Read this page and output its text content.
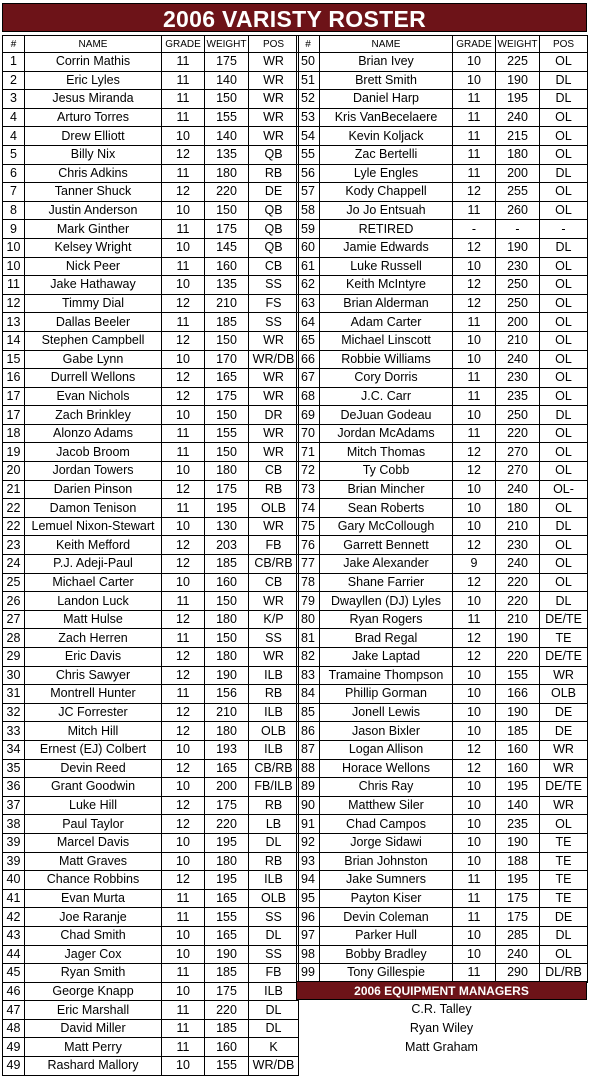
2006 VARISTY ROSTER
#	NAME	GRADE	WEIGHT	POS
1	Corrin Mathis	11	175	WR
2	Eric Lyles	11	140	WR
3	Jesus Miranda	11	150	WR
4	Arturo Torres	11	155	WR
4	Drew Elliott	10	140	WR
5	Billy Nix	12	135	QB
6	Chris Adkins	11	180	RB
7	Tanner Shuck	12	220	DE
8	Justin Anderson	10	150	QB
9	Mark Ginther	11	175	QB
10	Kelsey Wright	10	145	QB
10	Nick Peer	11	160	CB
11	Jake Hathaway	10	135	SS
12	Timmy Dial	12	210	FS
13	Dallas Beeler	11	185	SS
14	Stephen Campbell	12	150	WR
15	Gabe Lynn	10	170	WR/DB
16	Durrell Wellons	12	165	WR
17	Evan Nichols	12	175	WR
17	Zach Brinkley	10	150	DR
18	Alonzo Adams	11	155	WR
19	Jacob Broom	11	150	WR
20	Jordan Towers	10	180	CB
21	Darien Pinson	12	175	RB
22	Damon Tenison	11	195	OLB
22	Lemuel Nixon-Stewart	10	130	WR
23	Keith Mefford	12	203	FB
24	P.J. Adeji-Paul	12	185	CB/RB
25	Michael Carter	10	160	CB
26	Landon Luck	11	150	WR
27	Matt Hulse	12	180	K/P
28	Zach Herren	11	150	SS
29	Eric Davis	12	180	WR
30	Chris Sawyer	12	190	ILB
31	Montrell Hunter	11	156	RB
32	JC Forrester	12	210	ILB
33	Mitch Hill	12	180	OLB
34	Ernest (EJ) Colbert	10	193	ILB
35	Devin Reed	12	165	CB/RB
36	Grant Goodwin	10	200	FB/ILB
37	Luke Hill	12	175	RB
38	Paul Taylor	12	220	LB
39	Marcel Davis	10	195	DL
39	Matt Graves	10	180	RB
40	Chance Robbins	12	195	ILB
41	Evan Murta	11	165	OLB
42	Joe Raranje	11	155	SS
43	Chad Smith	10	165	DL
44	Jager Cox	10	190	SS
45	Ryan Smith	11	185	FB
46	George Knapp	10	175	ILB
47	Eric Marshall	11	220	DL
48	David Miller	11	185	DL
49	Matt Perry	11	160	K
49	Rashard Mallory	10	155	WR/DB
#	NAME	GRADE	WEIGHT	POS
50	Brian Ivey	10	225	OL
51	Brett Smith	10	190	DL
52	Daniel Harp	11	195	DL
53	Kris VanBecelaere	11	240	OL
54	Kevin Koljack	11	215	OL
55	Zac Bertelli	11	180	OL
56	Lyle Engles	11	200	DL
57	Kody Chappell	12	255	OL
58	Jo Jo Entsuah	11	260	OL
59	RETIRED	-	-	-
60	Jamie Edwards	12	190	DL
61	Luke Russell	10	230	OL
62	Keith McIntyre	12	250	OL
63	Brian Alderman	12	250	OL
64	Adam Carter	11	200	OL
65	Michael Linscott	10	210	OL
66	Robbie Williams	10	240	OL
67	Cory Dorris	11	230	OL
68	J.C. Carr	11	235	OL
69	DeJuan Godeau	10	250	DL
70	Jordan McAdams	11	220	OL
71	Mitch Thomas	12	270	OL
72	Ty Cobb	12	270	OL
73	Brian Mincher	10	240	OL-
74	Sean Roberts	10	180	OL
75	Gary McCollough	10	210	DL
76	Garrett Bennett	12	230	OL
77	Jake Alexander	9	240	OL
78	Shane Farrier	12	220	OL
79	Dwayllen (DJ) Lyles	10	220	DL
80	Ryan Rogers	11	210	DE/TE
81	Brad Regal	12	190	TE
82	Jake Laptad	12	220	DE/TE
83	Tramaine Thompson	10	155	WR
84	Phillip Gorman	10	166	OLB
85	Jonell Lewis	10	190	DE
86	Jason Bixler	10	185	DE
87	Logan Allison	12	160	WR
88	Horace Wellons	12	160	WR
89	Chris Ray	10	195	DE/TE
90	Matthew Siler	10	140	WR
91	Chad Campos	10	235	OL
92	Jorge Sidawi	10	190	TE
93	Brian Johnston	10	188	TE
94	Jake Sumners	11	195	TE
95	Payton Kiser	11	175	TE
96	Devin Coleman	11	175	DE
97	Parker Hull	10	285	DL
98	Bobby Bradley	10	240	OL
99	Tony Gillespie	11	290	DL/RB
2006 EQUIPMENT MANAGERS
C.R. Talley
Ryan Wiley
Matt Graham
